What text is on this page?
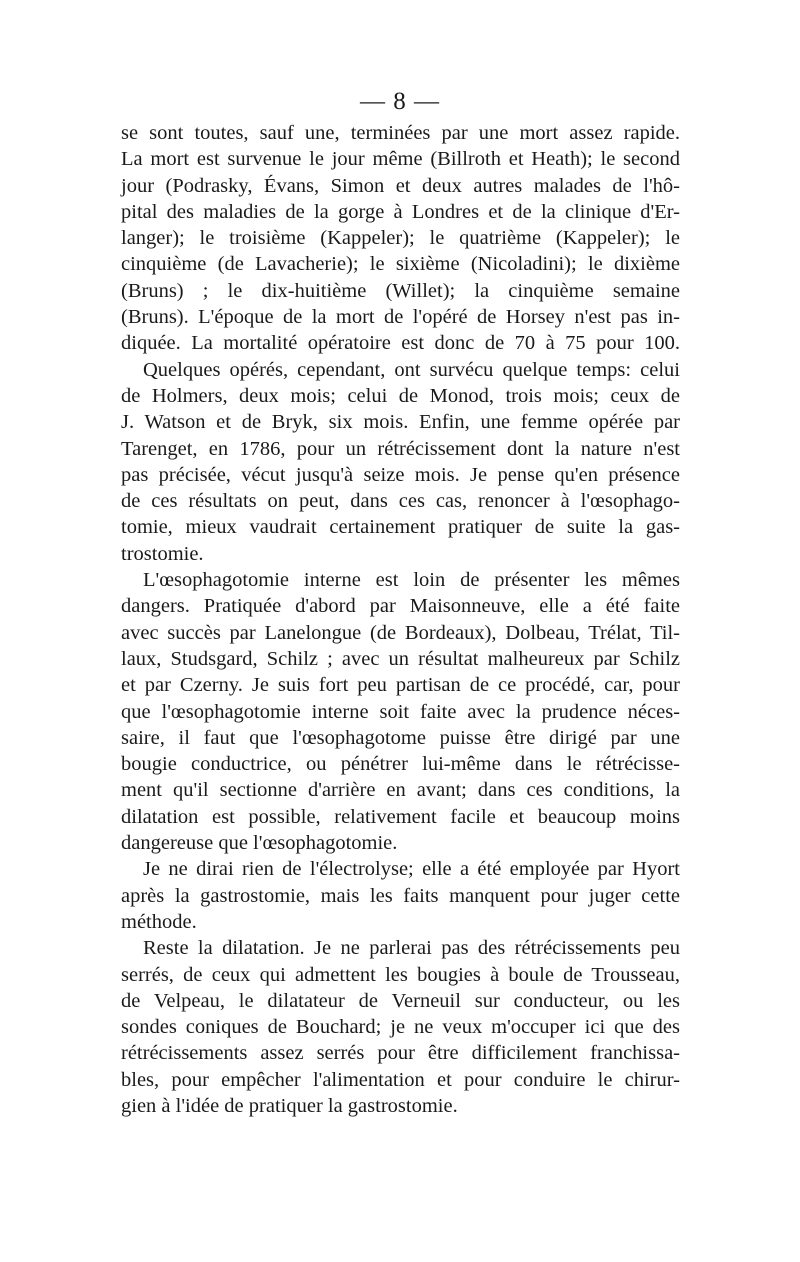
— 8 —
se sont toutes, sauf une, terminées par une mort assez rapide.
La mort est survenue le jour même (Billroth et Heath); le second
jour (Podrasky, Évans, Simon et deux autres malades de l'hô-
pital des maladies de la gorge à Londres et de la clinique d'Er-
langer); le troisième (Kappeler); le quatrième (Kappeler); le
cinquième (de Lavacherie); le sixième (Nicoladini); le dixième
(Bruns) ; le dix-huitième (Willet); la cinquième semaine
(Bruns). L'époque de la mort de l'opéré de Horsey n'est pas in-
diquée. La mortalité opératoire est donc de 70 à 75 pour 100.
Quelques opérés, cependant, ont survécu quelque temps: celui
de Holmers, deux mois; celui de Monod, trois mois; ceux de
J. Watson et de Bryk, six mois. Enfin, une femme opérée par
Tarenget, en 1786, pour un rétrécissement dont la nature n'est
pas précisée, vécut jusqu'à seize mois. Je pense qu'en présence
de ces résultats on peut, dans ces cas, renoncer à l'œsophago-
tomie, mieux vaudrait certainement pratiquer de suite la gas-
trostomie.
L'œsophagotomie interne est loin de présenter les mêmes
dangers. Pratiquée d'abord par Maisonneuve, elle a été faite
avec succès par Lanelongue (de Bordeaux), Dolbeau, Trélat, Til-
laux, Studsgard, Schilz ; avec un résultat malheureux par Schilz
et par Czerny. Je suis fort peu partisan de ce procédé, car, pour
que l'œsophagotomie interne soit faite avec la prudence néces-
saire, il faut que l'œsophagotome puisse être dirigé par une
bougie conductrice, ou pénétrer lui-même dans le rétrécisse-
ment qu'il sectionne d'arrière en avant; dans ces conditions, la
dilatation est possible, relativement facile et beaucoup moins
dangereuse que l'œsophagotomie.
Je ne dirai rien de l'électrolyse; elle a été employée par Hyort
après la gastrostomie, mais les faits manquent pour juger cette
méthode.
Reste la dilatation. Je ne parlerai pas des rétrécissements peu
serrés, de ceux qui admettent les bougies à boule de Trousseau,
de Velpeau, le dilatateur de Verneuil sur conducteur, ou les
sondes coniques de Bouchard; je ne veux m'occuper ici que des
rétrécissements assez serrés pour être difficilement franchissa-
bles, pour empêcher l'alimentation et pour conduire le chirur-
gien à l'idée de pratiquer la gastrostomie.
